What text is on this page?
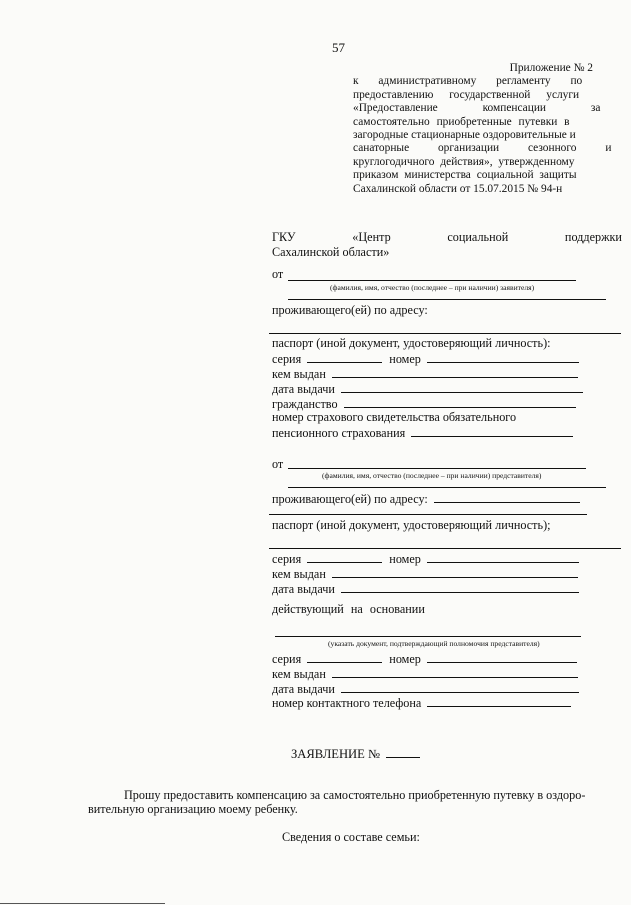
57
Приложение № 2
к административному регламенту по
предоставлению государственной услуги
«Предоставление компенсации за
самостоятельно приобретенные путевки в
загородные стационарные оздоровительные и
санаторные организации сезонного и
круглогодичного действия», утвержденному
приказом министерства социальной защиты
Сахалинской области от 15.07.2015 № 94-н
ГКУ	«Центр	социальной	поддержки
Сахалинской области»
от
(фамилия, имя, отчество (последнее – при наличии) заявителя)
проживающего(ей) по адресу:
паспорт (иной документ, удостоверяющий личность):
серия	номер
кем выдан
дата выдачи
гражданство
номер страхового свидетельства обязательного
пенсионного страхования
от
(фамилия, имя, отчество (последнее – при наличии) представителя)
проживающего(ей) по адресу:
паспорт (иной документ, удостоверяющий личность);
серия	номер
кем выдан
дата выдачи
действующий на основании
(указать документ, подтверждающий полномочия представителя)
серия	номер
кем выдан
дата выдачи
номер контактного телефона
ЗАЯВЛЕНИЕ №
Прошу предоставить компенсацию за самостоятельно приобретенную путевку в оздоро-
вительную организацию моему ребенку.
Сведения о составе семьи:
